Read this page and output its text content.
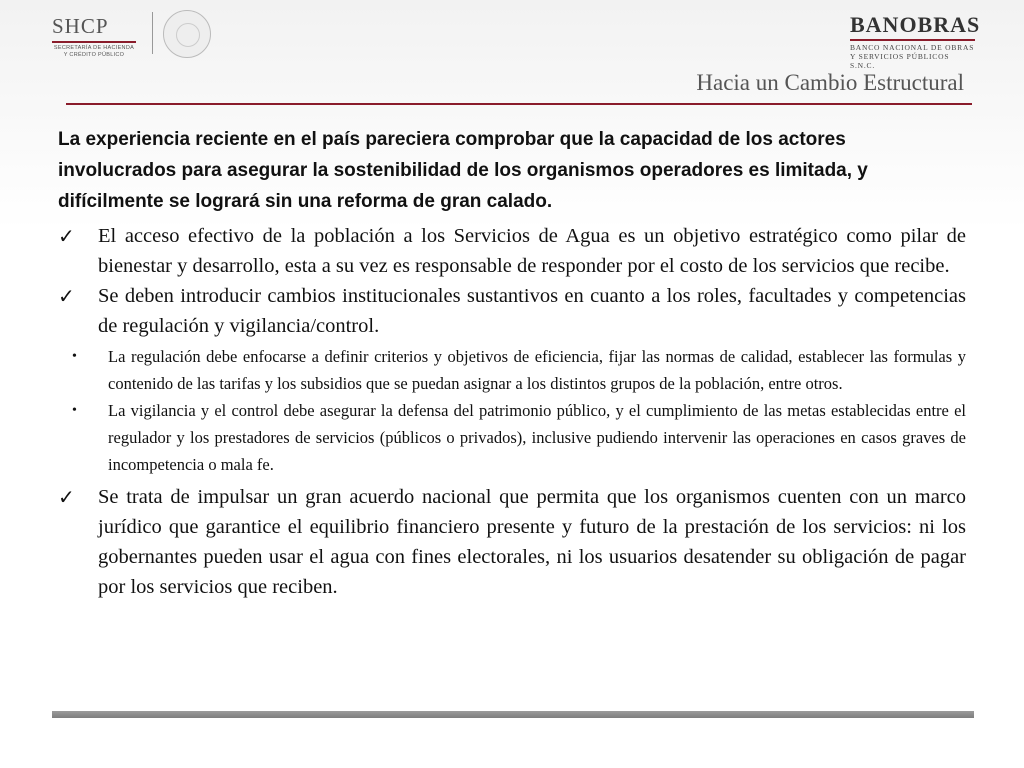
SHCP
SECRETARÍA DE HACIENDA Y CRÉDITO PÚBLICO
BANOBRAS
BANCO NACIONAL DE OBRAS Y SERVICIOS PÚBLICOS S.N.C.
Hacia un Cambio Estructural

La experiencia reciente en el país pareciera comprobar que la capacidad de los actores involucrados para asegurar la sostenibilidad de los organismos operadores es limitada, y difícilmente se logrará sin una reforma de gran calado.

✓ El acceso efectivo de la población a los Servicios de Agua es un objetivo estratégico como pilar de bienestar y desarrollo, esta a su vez es responsable de responder por el costo de los servicios que recibe.
✓ Se deben introducir cambios institucionales sustantivos en cuanto a los roles, facultades y competencias de regulación y vigilancia/control.
• La regulación debe enfocarse a definir criterios y objetivos de eficiencia, fijar las normas de calidad, establecer las formulas y contenido de las tarifas y los subsidios que se puedan asignar a los distintos grupos de la población, entre otros.
• La vigilancia y el control debe asegurar la defensa del patrimonio público, y el cumplimiento de las metas establecidas entre el regulador y los prestadores de servicios (públicos o privados), inclusive pudiendo intervenir las operaciones en casos graves de incompetencia o mala fe.
✓ Se trata de impulsar un gran acuerdo nacional que permita que los organismos cuenten con un marco jurídico que garantice el equilibrio financiero presente y futuro de la prestación de los servicios: ni los gobernantes pueden usar el agua con fines electorales, ni los usuarios desatender su obligación de pagar por los servicios que reciben.
